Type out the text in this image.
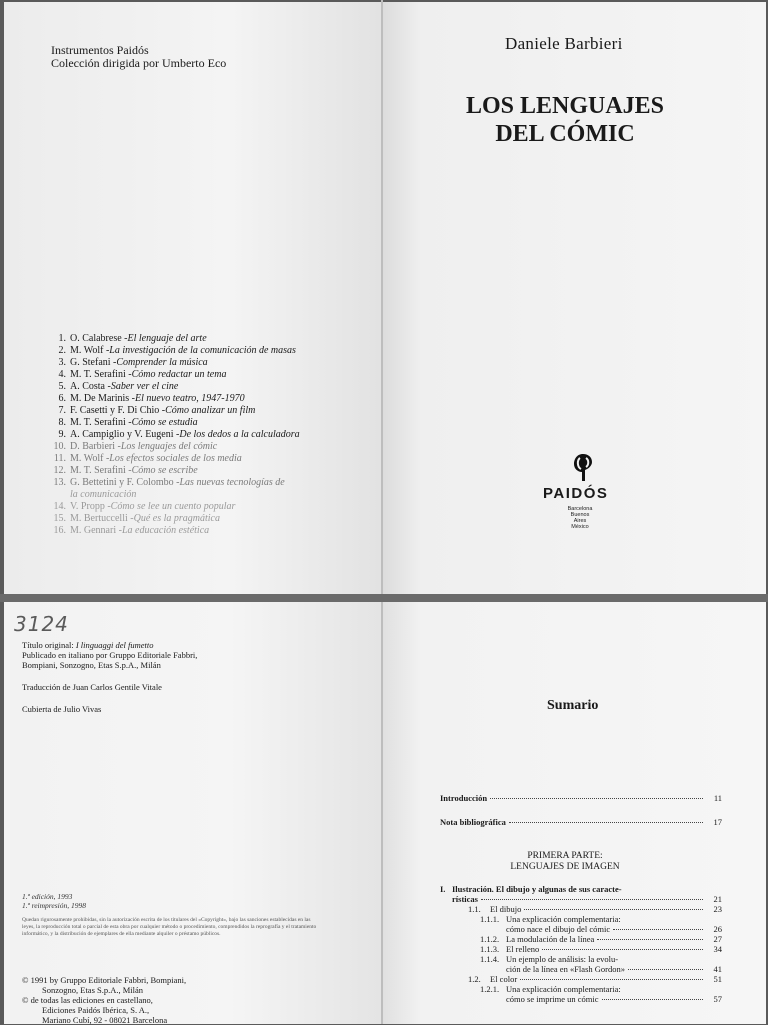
Instrumentos Paidós
Colección dirigida por Umberto Eco
1. O. Calabrese - El lenguaje del arte
2. M. Wolf - La investigación de la comunicación de masas
3. G. Stefani - Comprender la música
4. M. T. Serafini - Cómo redactar un tema
5. A. Costa - Saber ver el cine
6. M. De Marinis - El nuevo teatro, 1947-1970
7. F. Casetti y F. Di Chio - Cómo analizar un film
8. M. T. Serafini - Cómo se estudia
9. A. Campiglio y V. Eugeni - De los dedos a la calculadora
10. D. Barbieri - Los lenguajes del cómic
11. M. Wolf - Los efectos sociales de los media
12. M. T. Serafini - Cómo se escribe
13. G. Bettetini y F. Colombo - Las nuevas tecnologías de
la comunicación
14. V. Propp - Cómo se lee un cuento popular
15. M. Bertuccelli - Qué es la pragmática
16. M. Gennari - La educación estética
Daniele Barbieri
LOS LENGUAJES
DEL CÓMIC
PAIDÓS
Barcelona
Buenos Aires
México
3124
Título original: I linguaggi del fumetto
Publicado en italiano por Gruppo Editoriale Fabbri,
Bompiani, Sonzogno, Etas S.p.A., Milán
Traducción de Juan Carlos Gentile Vitale
Cubierta de Julio Vivas
1.ª edición, 1993
1.ª reimpresión, 1998
Quedan rigurosamente prohibidas, sin la autorización escrita de los titulares del «Copyright», bajo las sanciones establecidas en las leyes, la reproducción total o parcial de esta obra por cualquier método o procedimiento, comprendidos la reprografía y el tratamiento informático, y la distribución de ejemplares de ella mediante alquiler o préstamo públicos.
© 1991 by Gruppo Editoriale Fabbri, Bompiani,
Sonzogno, Etas S.p.A., Milán
© de todas las ediciones en castellano,
Ediciones Paidós Ibérica, S. A.,
Mariano Cubí, 92 - 08021 Barcelona
Sumario
Introducción	11
Nota bibliográfica	17
PRIMERA PARTE:
LENGUAJES DE IMAGEN
I. Ilustración. El dibujo y algunas de sus caracte-
rísticas	21
1.1.	El dibujo	23
1.1.1. Una explicación complementaria:
cómo nace el dibujo del cómic	26
1.1.2. La modulación de la línea	27
1.1.3. El relleno	34
1.1.4. Un ejemplo de análisis: la evolu-
ción de la línea en «Flash Gordon»	41
1.2.	El color	51
1.2.1. Una explicación complementaria:
cómo se imprime un cómic	57
